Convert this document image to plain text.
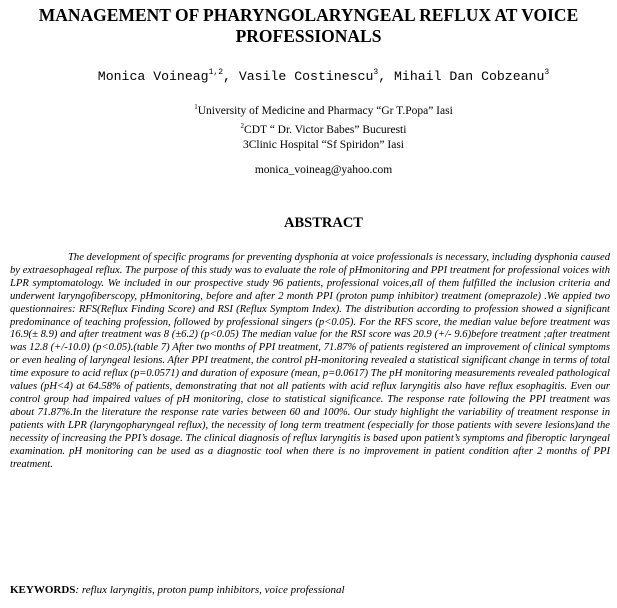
MANAGEMENT OF PHARYNGOLARYNGEAL REFLUX AT VOICE
PROFESSIONALS
Monica Voineag$^{1,2}$, Vasile Costinescu$^3$, Mihail Dan Cobzeanu$^3$
$^1$University of Medicine and Pharmacy “Gr T.Popa” Iasi
$^2$CDT “ Dr. Victor Babes” Bucuresti
3Clinic Hospital “Sf Spiridon” Iasi
monica_voineag@yahoo.com
ABSTRACT

The development of specific programs for preventing dysphonia at voice professionals is necessary, including dysphonia caused by extraesophageal reflux. The purpose of this study was to evaluate the role of pHmonitoring and PPI treatment for professional voices with LPR symptomatology. We included in our prospective study 96 patients, professional voices,all of them fulfilled the inclusion criteria and underwent laryngofiberscopy, pHmonitoring, before and after 2 month PPI (proton pump inhibitor) treatment (omeprazole) .We appied two questionnaires: RFS(Reflux Finding Score) and RSI (Reflux Symptom Index). The distribution according to profession showed a significant predominance of teaching profession, followed by professional singers (p<0.05). For the RFS score, the median value before treatment was 16.9(± 8.9) and after treatment was 8 (±6.2) (p<0.05) The median value for the RSI score was 20.9 (+/- 9.6)before treatment ;after treatment was 12.8 (+/-10.0) (p<0.05).(table 7) After two months of PPI treatment, 71.87% of patients registered an improvement of clinical symptoms or even healing of laryngeal lesions. After PPI treatment, the control pH-monitoring revealed a statistical significant change in terms of total time exposure to acid reflux (p=0.0571) and duration of exposure (mean, p=0.0617) The pH monitoring measurements revealed pathological values (pH<4) at 64.58% of patients, demonstrating that not all patients with acid reflux laryngitis also have reflux esophagitis. Even our control group had impaired values of pH monitoring, close to statistical significance. The response rate following the PPI treatment was about 71.87%.In the literature the response rate varies between 60 and 100%. Our study highlight the variability of treatment response in patients with LPR (laryngopharyngeal reflux), the necessity of long term treatment (especially for those patients with severe lesions)and the necessity of increasing the PPI’s dosage. The clinical diagnosis of reflux laryngitis is based upon patient’s symptoms and fiberoptic laryngeal examination. pH monitoring can be used as a diagnostic tool when there is no improvement in patient condition after 2 months of PPI treatment.

KEYWORDS: reflux laryngitis, proton pump inhibitors, voice professional
